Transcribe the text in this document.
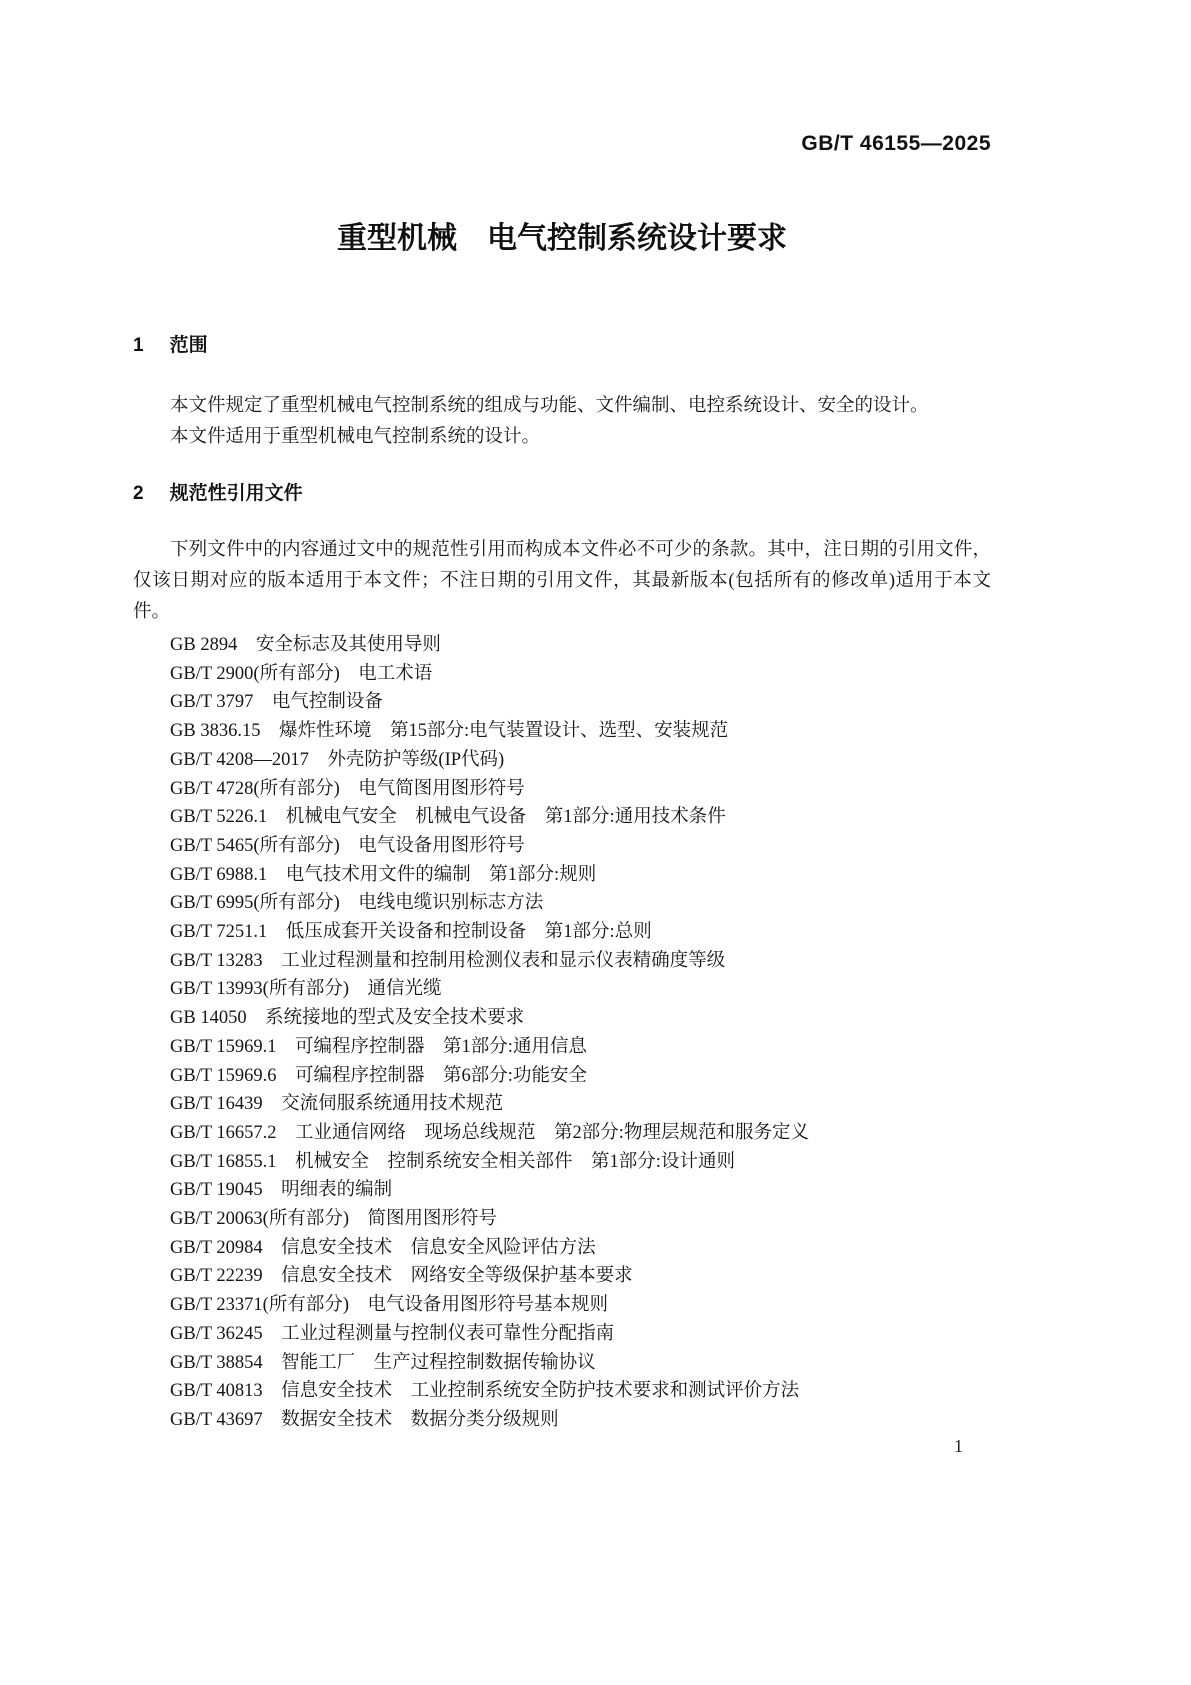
GB/T 46155—2025
重型机械　电气控制系统设计要求
1 范围

本文件规定了重型机械电气控制系统的组成与功能、文件编制、电控系统设计、安全的设计。

本文件适用于重型机械电气控制系统的设计。

2 规范性引用文件

下列文件中的内容通过文中的规范性引用而构成本文件必不可少的条款。其中，注日期的引用文件，仅该日期对应的版本适用于本文件；不注日期的引用文件，其最新版本(包括所有的修改单)适用于本文件。

GB 2894　安全标志及其使用导则

GB/T 2900(所有部分)　电工术语

GB/T 3797　电气控制设备

GB 3836.15　爆炸性环境　第15部分:电气装置设计、选型、安装规范

GB/T 4208—2017　外壳防护等级(IP代码)

GB/T 4728(所有部分)　电气简图用图形符号

GB/T 5226.1　机械电气安全　机械电气设备　第1部分:通用技术条件

GB/T 5465(所有部分)　电气设备用图形符号

GB/T 6988.1　电气技术用文件的编制　第1部分:规则

GB/T 6995(所有部分)　电线电缆识别标志方法

GB/T 7251.1　低压成套开关设备和控制设备　第1部分:总则

GB/T 13283　工业过程测量和控制用检测仪表和显示仪表精确度等级

GB/T 13993(所有部分)　通信光缆

GB 14050　系统接地的型式及安全技术要求

GB/T 15969.1　可编程序控制器　第1部分:通用信息

GB/T 15969.6　可编程序控制器　第6部分:功能安全

GB/T 16439　交流伺服系统通用技术规范

GB/T 16657.2　工业通信网络　现场总线规范　第2部分:物理层规范和服务定义

GB/T 16855.1　机械安全　控制系统安全相关部件　第1部分:设计通则

GB/T 19045　明细表的编制

GB/T 20063(所有部分)　简图用图形符号

GB/T 20984　信息安全技术　信息安全风险评估方法

GB/T 22239　信息安全技术　网络安全等级保护基本要求

GB/T 23371(所有部分)　电气设备用图形符号基本规则

GB/T 36245　工业过程测量与控制仪表可靠性分配指南

GB/T 38854　智能工厂　生产过程控制数据传输协议

GB/T 40813　信息安全技术　工业控制系统安全防护技术要求和测试评价方法

GB/T 43697　数据安全技术　数据分类分级规则

1
